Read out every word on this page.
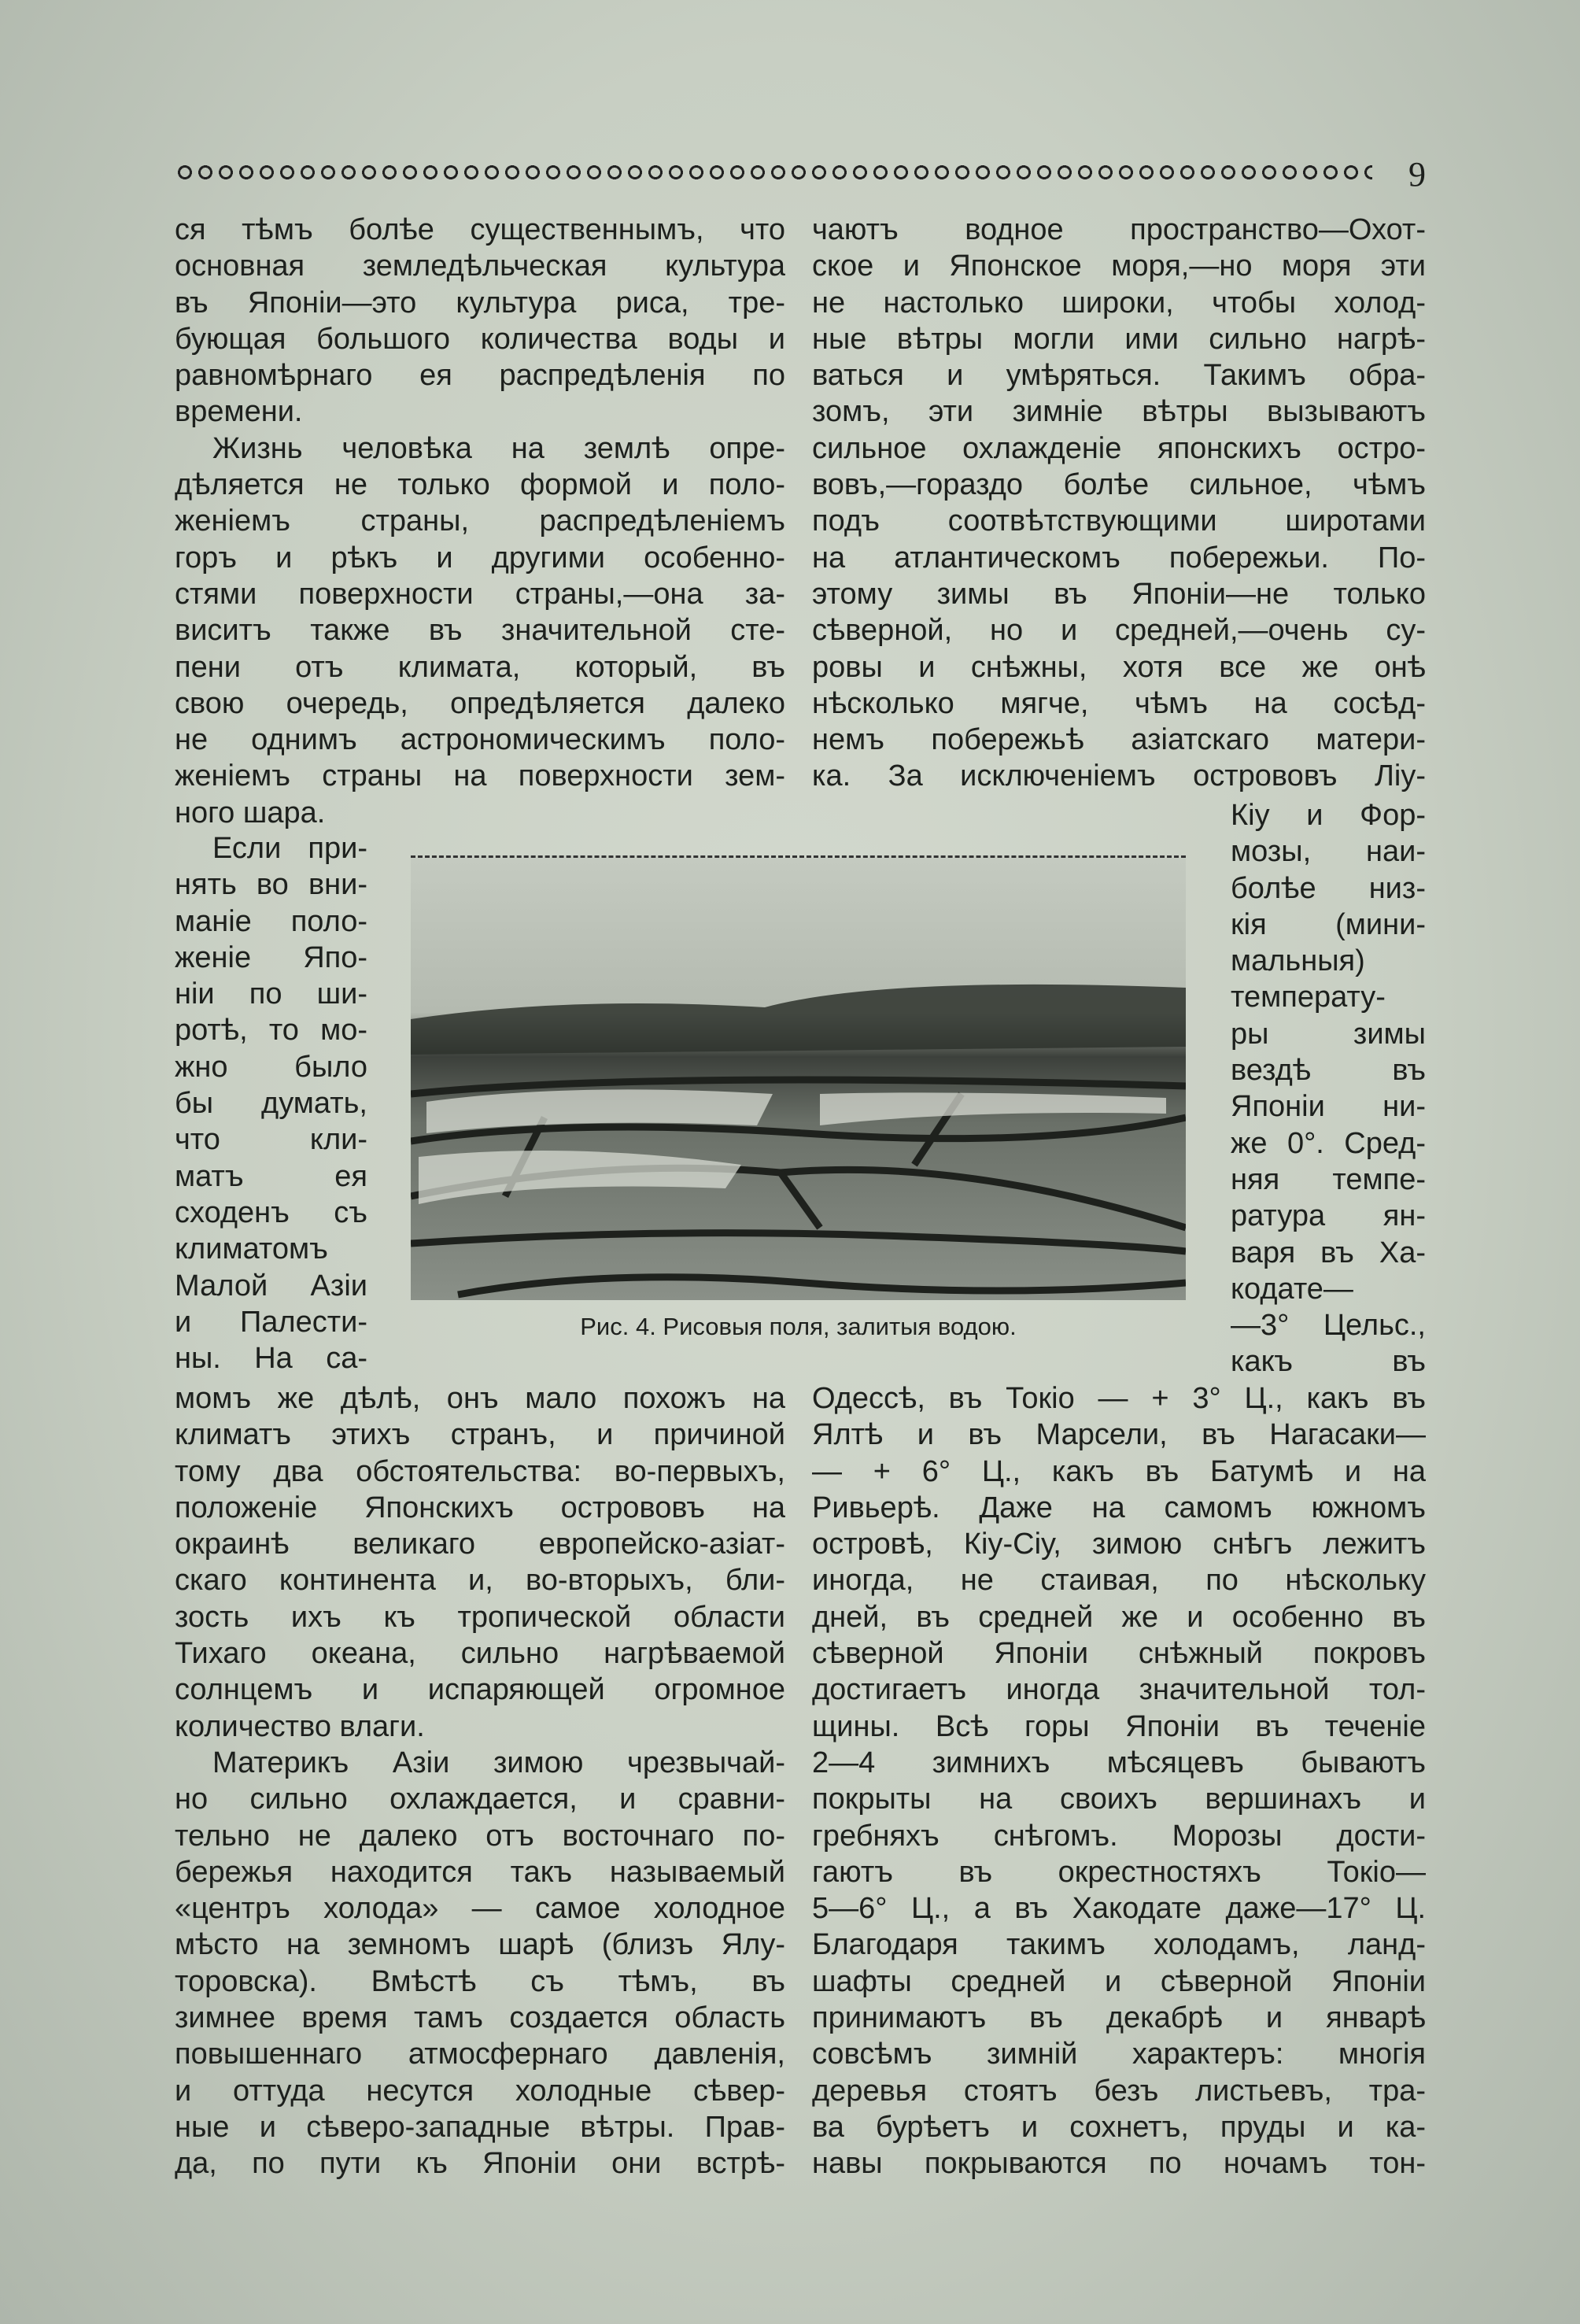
9
ся тѣмъ болѣе существеннымъ, что
основная земледѣльческая культура
въ Японіи—это культура риса, тре-
бующая большого количества воды и
равномѣрнаго ея распредѣленія по
времени.
Жизнь человѣка на землѣ опре-
дѣляется не только формой и поло-
женіемъ страны, распредѣленіемъ
горъ и рѣкъ и другими особенно-
стями поверхности страны,—она за-
виситъ также въ значительной сте-
пени отъ климата, который, въ
свою очередь, опредѣляется далеко
не однимъ астрономическимъ поло-
женіемъ страны на поверхности зем-
ного шара.
чаютъ водное пространство—Охот-
ское и Японское моря,—но моря эти
не настолько широки, чтобы холод-
ные вѣтры могли ими сильно нагрѣ-
ваться и умѣряться. Такимъ обра-
зомъ, эти зимніе вѣтры вызываютъ
сильное охлажденіе японскихъ остро-
вовъ,—гораздо болѣе сильное, чѣмъ
подъ соотвѣтствующими широтами
на атлантическомъ побережьи. По-
этому зимы въ Японіи—не только
сѣверной, но и средней,—очень су-
ровы и снѣжны, хотя все же онѣ
нѣсколько мягче, чѣмъ на сосѣд-
немъ побережьѣ азіатскаго матери-
ка. За исключеніемъ острововъ Ліу-
Если при-
нять во вни-
маніе поло-
женіе Япо-
ніи по ши-
ротѣ, то мо-
жно было
бы думать,
что кли-
матъ ея
сходенъ съ
климатомъ
Малой Азіи
и Палести-
ны. На са-
Кіу и Фор-
мозы, наи-
болѣе низ-
кія (мини-
мальныя)
температу-
ры зимы
вездѣ въ
Японіи ни-
же 0°. Сред-
няя темпе-
ратура ян-
варя въ Ха-
кодате—
—3° Цельс.,
какъ въ
момъ же дѣлѣ, онъ мало похожъ на
климатъ этихъ странъ, и причиной
тому два обстоятельства: во-первыхъ,
положеніе Японскихъ острововъ на
окраинѣ великаго европейско-азіат-
скаго континента и, во-вторыхъ, бли-
зость ихъ къ тропической области
Тихаго океана, сильно нагрѣваемой
солнцемъ и испаряющей огромное
количество влаги.
Материкъ Азіи зимою чрезвычай-
но сильно охлаждается, и сравни-
тельно не далеко отъ восточнаго по-
бережья находится такъ называемый
«центръ холода» — самое холодное
мѣсто на земномъ шарѣ (близъ Ялу-
торовска). Вмѣстѣ съ тѣмъ, въ
зимнее время тамъ создается область
повышеннаго атмосфернаго давленія,
и оттуда несутся холодные сѣвер-
ные и сѣверо-западные вѣтры. Прав-
да, по пути къ Японіи они встрѣ-
Одессѣ, въ Токіо — + 3° Ц., какъ въ
Ялтѣ и въ Марсели, въ Нагасаки—
— + 6° Ц., какъ въ Батумѣ и на
Ривьерѣ. Даже на самомъ южномъ
островѣ, Кіу-Сіу, зимою снѣгъ лежитъ
иногда, не стаивая, по нѣскольку
дней, въ средней же и особенно въ
сѣверной Японіи снѣжный покровъ
достигаетъ иногда значительной тол-
щины. Всѣ горы Японіи въ теченіе
2—4 зимнихъ мѣсяцевъ бываютъ
покрыты на своихъ вершинахъ и
гребняхъ снѣгомъ. Морозы дости-
гаютъ въ окрестностяхъ Токіо—
5—6° Ц., а въ Хакодате даже—17° Ц.
Благодаря такимъ холодамъ, ланд-
шафты средней и сѣверной Японіи
принимаютъ въ декабрѣ и январѣ
совсѣмъ зимній характеръ: многія
деревья стоятъ безъ листьевъ, тра-
ва бурѣетъ и сохнетъ, пруды и ка-
навы покрываются по ночамъ тон-
Рис. 4. Рисовыя поля, залитыя водою.
